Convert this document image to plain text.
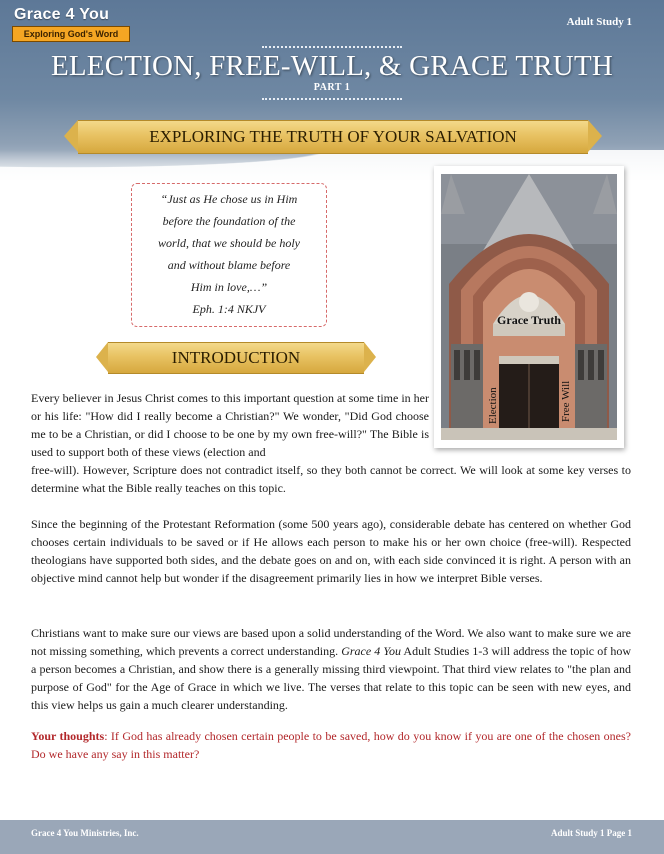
Grace 4 You
Exploring God's Word
Adult Study 1
ELECTION, FREE-WILL, & GRACE TRUTH
PART 1
EXPLORING THE TRUTH OF YOUR SALVATION
“Just as He chose us in Him
before the foundation of the
world, that we should be holy
and without blame before
Him in love,…”
Eph. 1:4 NKJV
Grace Truth
Election	Free Will
INTRODUCTION

Every believer in Jesus Christ comes to this important question at some time in her or his life: "How did I really become a Christian?" We wonder, "Did God choose me to be a Christian, or did I choose to be one by my own free-will?" The Bible is used to support both of these views (election and

free-will). However, Scripture does not contradict itself, so they both cannot be correct. We will look at some key verses to determine what the Bible really teaches on this topic.

Since the beginning of the Protestant Reformation (some 500 years ago), considerable debate has centered on whether God chooses certain individuals to be saved or if He allows each person to make his or her own choice (free-will). Respected theologians have supported both sides, and the debate goes on and on, with each side convinced it is right. A person with an objective mind cannot help but wonder if the disagreement primarily lies in how we interpret Bible verses.

Christians want to make sure our views are based upon a solid understanding of the Word. We also want to make sure we are not missing something, which prevents a correct understanding. Grace 4 You Adult Studies 1-3 will address the topic of how a person becomes a Christian, and show there is a generally missing third viewpoint. That third view relates to "the plan and purpose of God" for the Age of Grace in which we live. The verses that relate to this topic can be seen with new eyes, and this view helps us gain a much clearer understanding.

Your thoughts: If God has already chosen certain people to be saved, how do you know if you are one of the chosen ones? Do we have any say in this matter?

Grace 4 You Ministries, Inc.	Adult Study 1 Page 1
